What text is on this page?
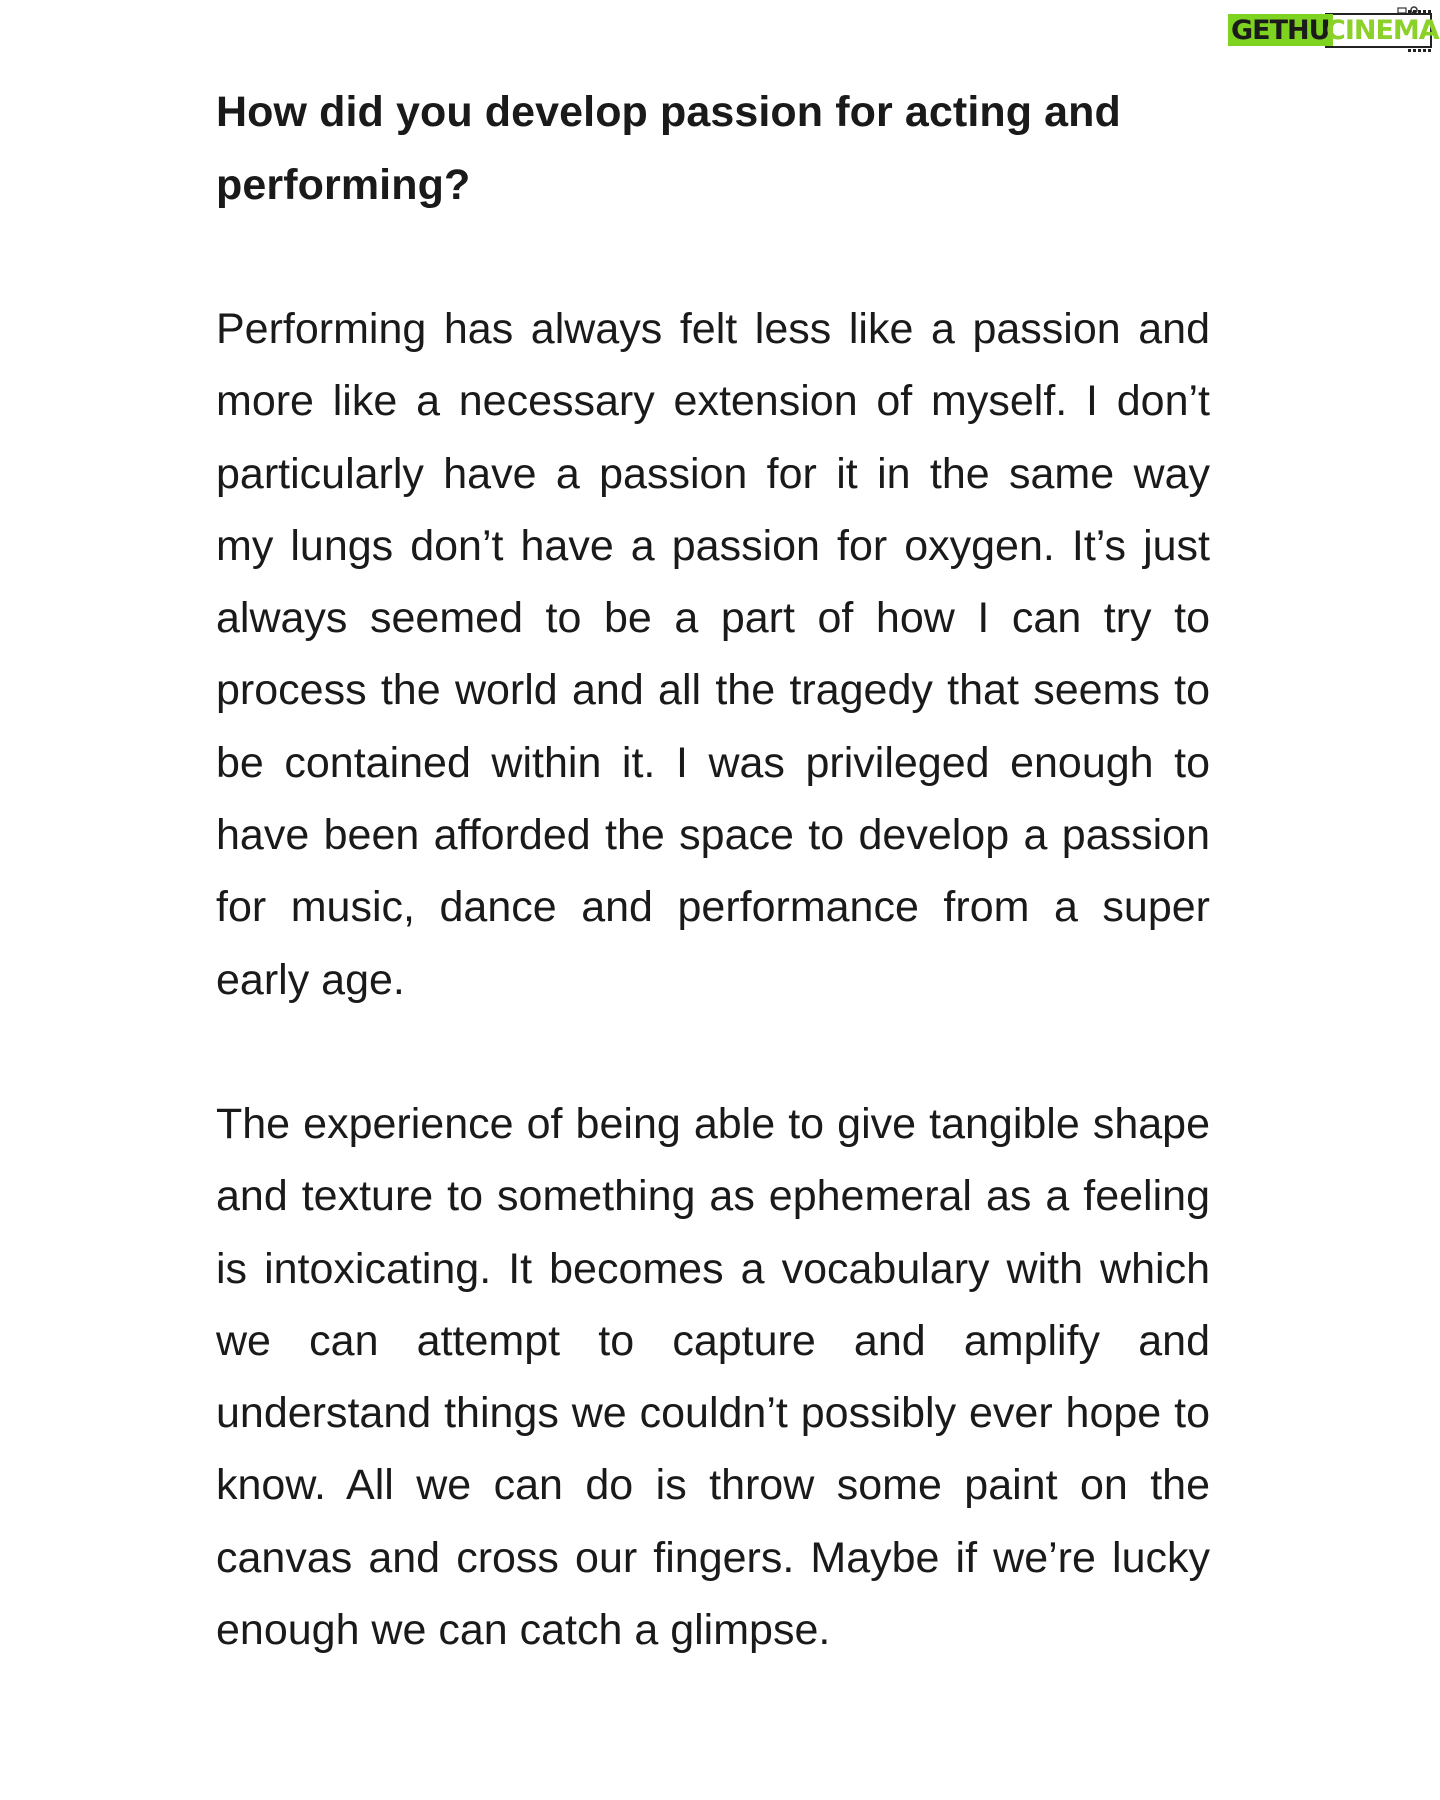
GETHU
CINEMA

How did you develop passion for acting and performing?

Performing has always felt less like a passion and more like a necessary extension of myself. I don’t particularly have a passion for it in the same way my lungs don’t have a passion for oxygen. It’s just always seemed to be a part of how I can try to process the world and all the tragedy that seems to be contained within it. I was privileged enough to have been afforded the space to develop a passion for music, dance and performance from a super early age.

The experience of being able to give tangible shape and texture to something as ephemeral as a feeling is intoxicating. It becomes a vocabulary with which we can attempt to capture and amplify and understand things we couldn’t possibly ever hope to know. All we can do is throw some paint on the canvas and cross our fingers. Maybe if we’re lucky enough we can catch a glimpse.
